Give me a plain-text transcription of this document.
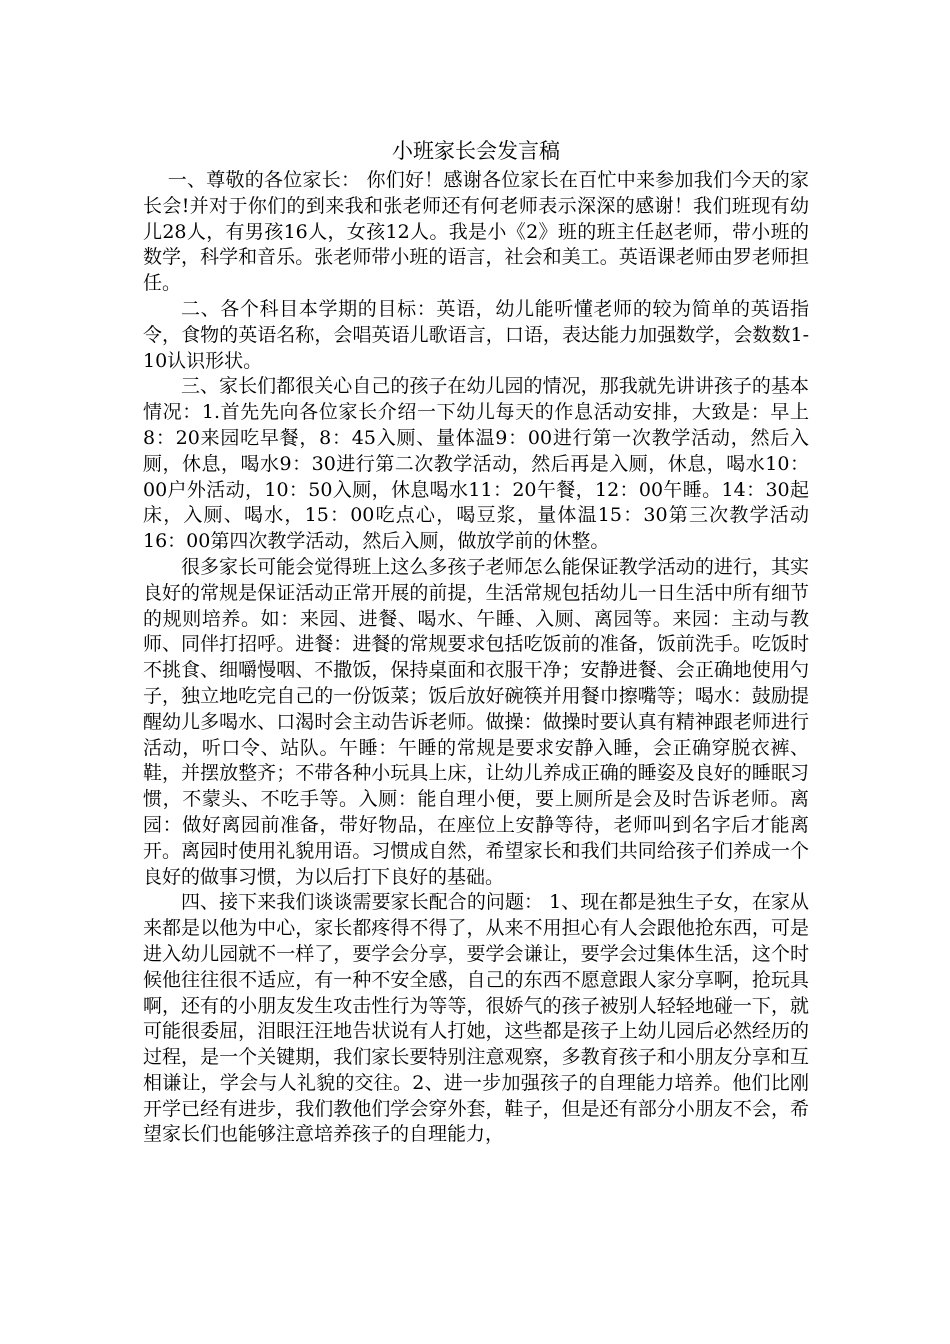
小班家长会发言稿

一、尊敬的各位家长： 你们好！感谢各位家长在百忙中来参加我们今天的家长会!并对于你们的到来我和张老师还有何老师表示深深的感谢！我们班现有幼儿28人，有男孩16人，女孩12人。我是小《2》班的班主任赵老师，带小班的数学，科学和音乐。张老师带小班的语言，社会和美工。英语课老师由罗老师担任。

二、各个科目本学期的目标：英语，幼儿能听懂老师的较为简单的英语指令，食物的英语名称，会唱英语儿歌语言，口语，表达能力加强数学，会数数1-10认识形状。

三、家长们都很关心自己的孩子在幼儿园的情况，那我就先讲讲孩子的基本情况：1.首先先向各位家长介绍一下幼儿每天的作息活动安排，大致是：早上8：20来园吃早餐，8：45入厕、量体温9：00进行第一次教学活动，然后入厕，休息，喝水9：30进行第二次教学活动，然后再是入厕，休息，喝水10：00户外活动，10：50入厕，休息喝水11：20午餐，12：00午睡。14：30起床，入厕、喝水，15：00吃点心，喝豆浆，量体温15：30第三次教学活动16：00第四次教学活动，然后入厕，做放学前的休整。

很多家长可能会觉得班上这么多孩子老师怎么能保证教学活动的进行，其实良好的常规是保证活动正常开展的前提，生活常规包括幼儿一日生活中所有细节的规则培养。如：来园、进餐、喝水、午睡、入厕、离园等。来园：主动与教师、同伴打招呼。进餐：进餐的常规要求包括吃饭前的准备，饭前洗手。吃饭时不挑食、细嚼慢咽、不撒饭，保持桌面和衣服干净；安静进餐、会正确地使用勺子，独立地吃完自己的一份饭菜；饭后放好碗筷并用餐巾擦嘴等；喝水：鼓励提醒幼儿多喝水、口渴时会主动告诉老师。做操：做操时要认真有精神跟老师进行活动，听口令、站队。午睡：午睡的常规是要求安静入睡，会正确穿脱衣裤、鞋，并摆放整齐；不带各种小玩具上床，让幼儿养成正确的睡姿及良好的睡眠习惯，不蒙头、不吃手等。入厕：能自理小便，要上厕所是会及时告诉老师。离园：做好离园前准备，带好物品，在座位上安静等待，老师叫到名字后才能离开。离园时使用礼貌用语。习惯成自然，希望家长和我们共同给孩子们养成一个良好的做事习惯，为以后打下良好的基础。

四、接下来我们谈谈需要家长配合的问题： 1、现在都是独生子女，在家从来都是以他为中心，家长都疼得不得了，从来不用担心有人会跟他抢东西，可是进入幼儿园就不一样了，要学会分享，要学会谦让，要学会过集体生活，这个时候他往往很不适应，有一种不安全感，自己的东西不愿意跟人家分享啊，抢玩具啊，还有的小朋友发生攻击性行为等等，很娇气的孩子被别人轻轻地碰一下，就可能很委屈，泪眼汪汪地告状说有人打她，这些都是孩子上幼儿园后必然经历的过程，是一个关键期，我们家长要特别注意观察，多教育孩子和小朋友分享和互相谦让，学会与人礼貌的交往。2、进一步加强孩子的自理能力培养。他们比刚开学已经有进步，我们教他们学会穿外套，鞋子，但是还有部分小朋友不会，希望家长们也能够注意培养孩子的自理能力，
